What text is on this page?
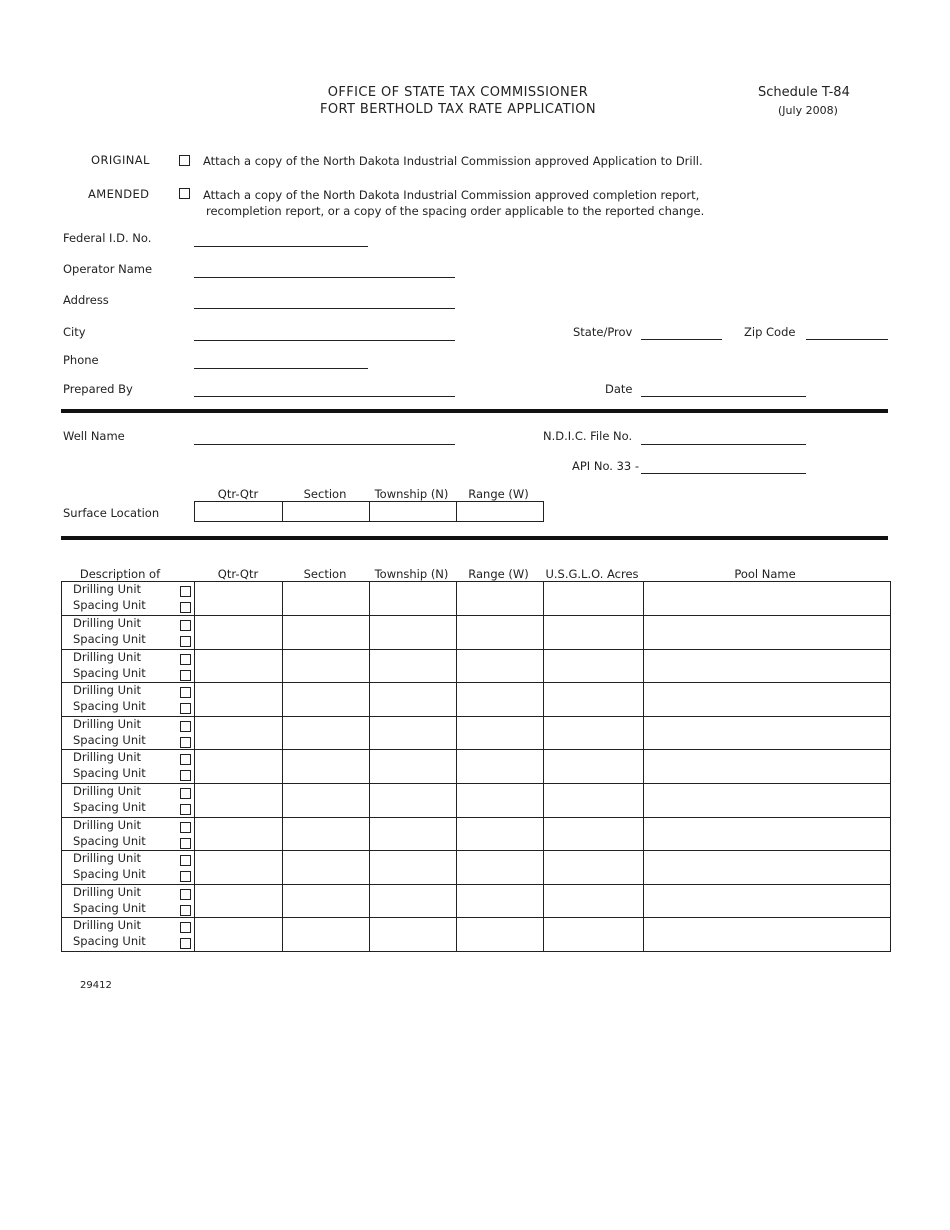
OFFICE OF STATE TAX COMMISSIONER
FORT BERTHOLD TAX RATE APPLICATION
Schedule T-84
(July 2008)
ORIGINAL	Attach a copy of the North Dakota Industrial Commission approved Application to Drill.
AMENDED	Attach a copy of the North Dakota Industrial Commission approved completion report,
recompletion report, or a copy of the spacing order applicable to the reported change.
Federal I.D. No.
Operator Name
Address
City	State/Prov	Zip Code
Phone
Prepared By	Date
Well Name	N.D.I.C. File No.
API No. 33 -
Qtr-Qtr	Section	Township (N)	Range (W)
Surface Location

Description of	Qtr-Qtr	Section	Township (N)	Range (W)	U.S.G.L.O. Acres	Pool Name
Drilling Unit
Spacing Unit						

Drilling Unit
Spacing Unit						

Drilling Unit
Spacing Unit						

Drilling Unit
Spacing Unit						

Drilling Unit
Spacing Unit						

Drilling Unit
Spacing Unit						

Drilling Unit
Spacing Unit						

Drilling Unit
Spacing Unit						

Drilling Unit
Spacing Unit						

Drilling Unit
Spacing Unit						

Drilling Unit
Spacing Unit						

29412
